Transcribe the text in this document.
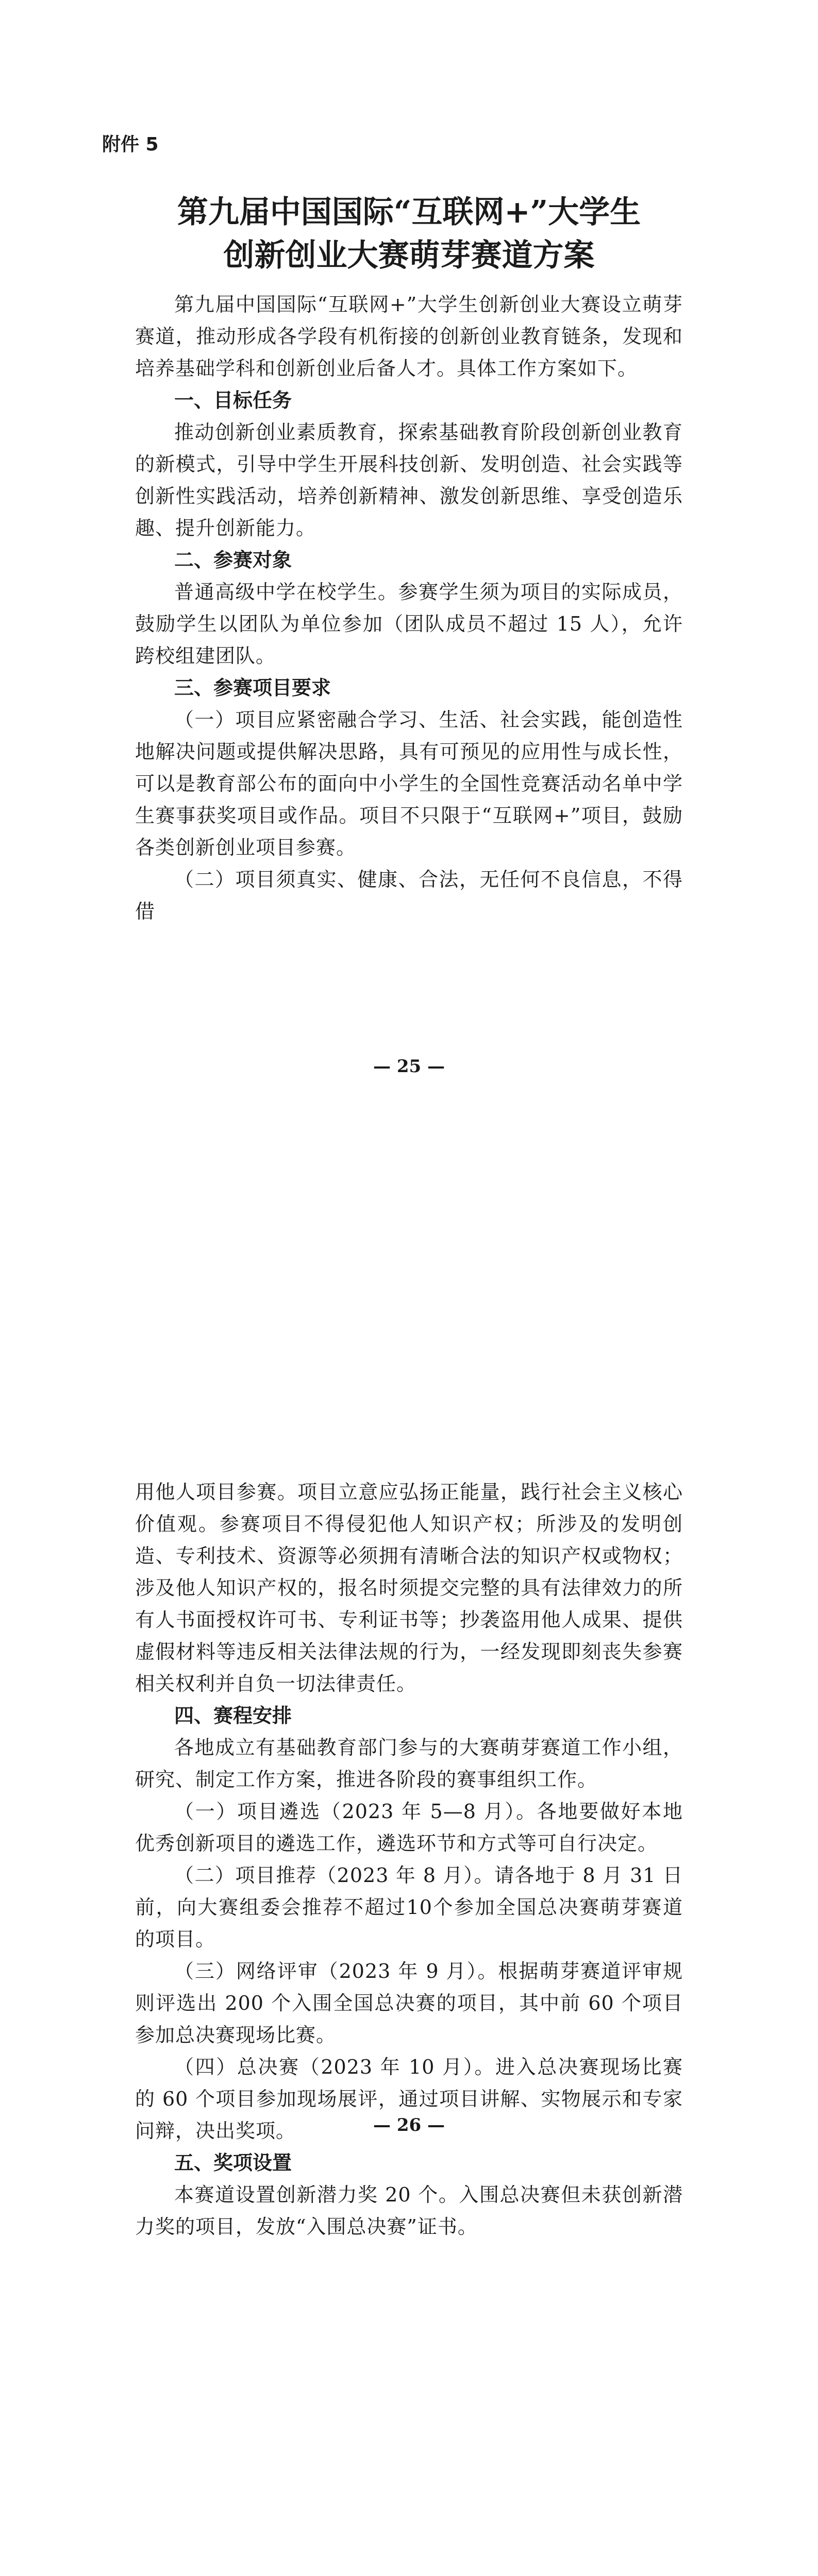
附件 5
第九届中国国际“互联网+”大学生
创新创业大赛萌芽赛道方案

第九届中国国际“互联网+”大学生创新创业大赛设立萌芽赛道，推动形成各学段有机衔接的创新创业教育链条，发现和培养基础学科和创新创业后备人才。具体工作方案如下。

一、目标任务

推动创新创业素质教育，探索基础教育阶段创新创业教育的新模式，引导中学生开展科技创新、发明创造、社会实践等创新性实践活动，培养创新精神、激发创新思维、享受创造乐趣、提升创新能力。

二、参赛对象

普通高级中学在校学生。参赛学生须为项目的实际成员，鼓励学生以团队为单位参加（团队成员不超过 15 人），允许跨校组建团队。

三、参赛项目要求

（一）项目应紧密融合学习、生活、社会实践，能创造性地解决问题或提供解决思路，具有可预见的应用性与成长性，可以是教育部公布的面向中小学生的全国性竞赛活动名单中学生赛事获奖项目或作品。项目不只限于“互联网+”项目，鼓励各类创新创业项目参赛。

（二）项目须真实、健康、合法，无任何不良信息，不得借

— 25 —

用他人项目参赛。项目立意应弘扬正能量，践行社会主义核心价值观。参赛项目不得侵犯他人知识产权；所涉及的发明创造、专利技术、资源等必须拥有清晰合法的知识产权或物权；涉及他人知识产权的，报名时须提交完整的具有法律效力的所有人书面授权许可书、专利证书等；抄袭盗用他人成果、提供虚假材料等违反相关法律法规的行为，一经发现即刻丧失参赛相关权利并自负一切法律责任。

四、赛程安排

各地成立有基础教育部门参与的大赛萌芽赛道工作小组，研究、制定工作方案，推进各阶段的赛事组织工作。

（一）项目遴选（2023 年 5—8 月）。各地要做好本地优秀创新项目的遴选工作，遴选环节和方式等可自行决定。

（二）项目推荐（2023 年 8 月）。请各地于 8 月 31 日前，向大赛组委会推荐不超过10个参加全国总决赛萌芽赛道的项目。

（三）网络评审（2023 年 9 月）。根据萌芽赛道评审规则评选出 200 个入围全国总决赛的项目，其中前 60 个项目参加总决赛现场比赛。

（四）总决赛（2023 年 10 月）。进入总决赛现场比赛的 60 个项目参加现场展评，通过项目讲解、实物展示和专家问辩，决出奖项。

五、奖项设置

本赛道设置创新潜力奖 20 个。入围总决赛但未获创新潜力奖的项目，发放“入围总决赛”证书。

— 26 —
